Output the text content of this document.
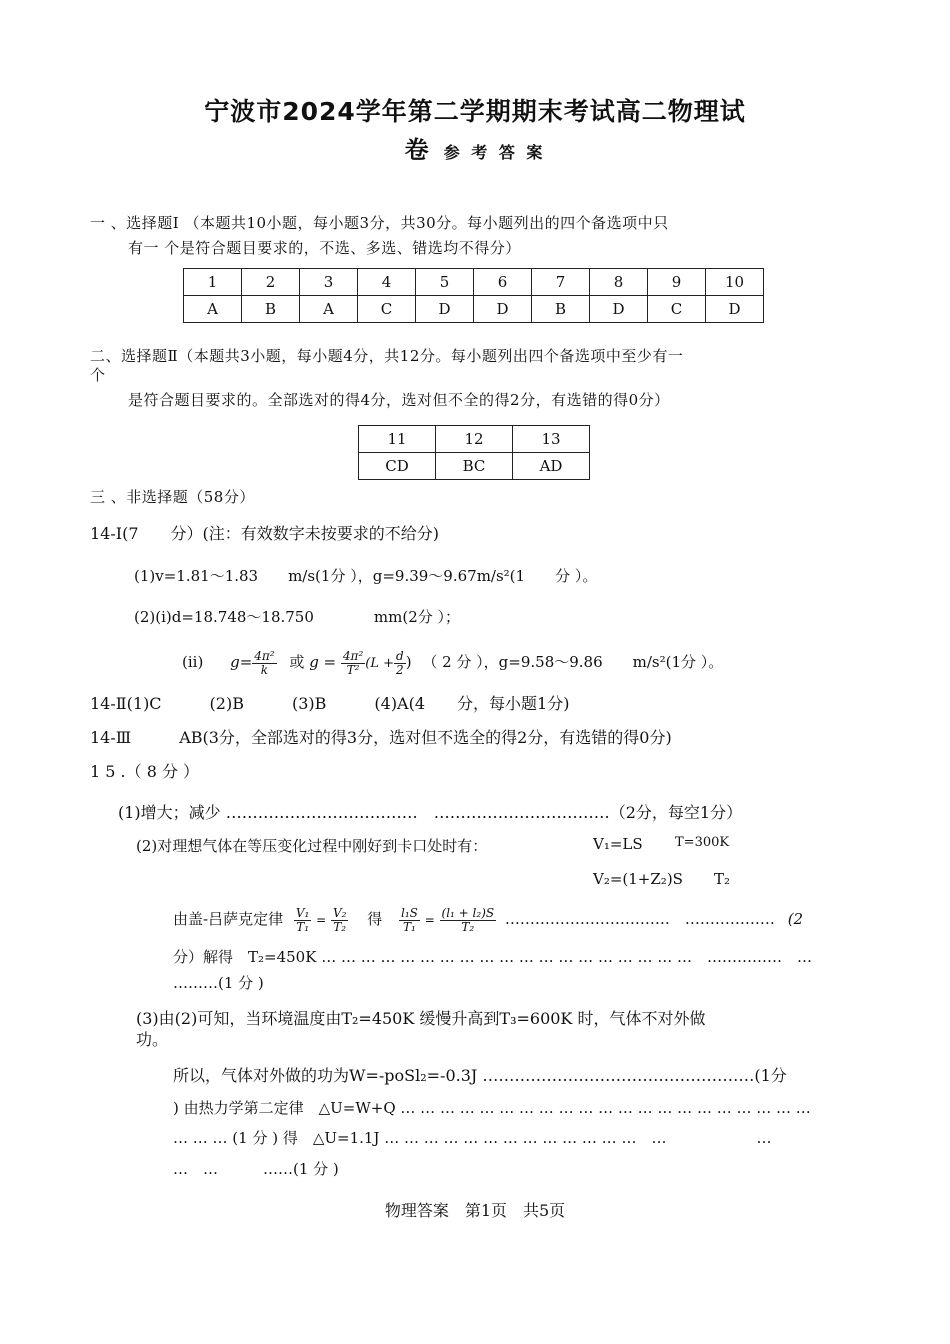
宁波市2024学年第二学期期末考试高二物理试
卷 参 考 答 案
一 、选择题Ⅰ （本题共10小题，每小题3分，共30分。每小题列出的四个备选项中只
有一 个是符合题目要求的，不选、多选、错选均不得分）
1	2	3	4	5	6	7	8	9	10
A	B	A	C	D	D	B	D	C	D
二、选择题Ⅱ（本题共3小题，每小题4分，共12分。每小题列出四个备选项中至少有一
个
是符合题目要求的。全部选对的得4分，选对但不全的得2分，有选错的得0分）
11	12	13
CD	BC	AD
三 、非选择题（58分）
14-I(7　　分）(注：有效数字未按要求的不给分)
(1)v=1.81～1.83　　m/s(1分 ），g=9.39～9.67m/s²(1　　分 ）。
(2)(i)d=18.748～18.750　　　　mm(2分 ）；
(ii) $g= \frac{\text{4π²}}{k}$ 或 $g = \frac{\text{4π²}}{\text{T²}} (L + \frac{d}{2}$ ) （ 2 分 ），g=9.58～9.86　　m/s²(1分 ）。
14-Ⅱ(1)C　　　(2)B　　　(3)B　　　(4)A(4　　分，每小题1分)
14-Ⅲ　　　AB(3分，全部选对的得3分，选对但不选全的得2分，有选错的得0分)
1 5 .（ 8 分 ）
(1)增大；减少 ………………………………　……………………………（2分，每空1分）
(2)对理想气体在等压变化过程中刚好到卡口处时有：	V₁=LS T=300K
V₂=(1+Z₂)S T₂
由盖-吕萨克定律 $\frac{\text{V₁}}{\text{T₁}} = \frac{\text{V₂}}{\text{T₂}}$ 得 $\frac{\text{l₁S}}{\text{T₁}} = \frac{\text{(l₁ + l₂)S}}{\text{T₂}}$ ……………………………　……………… (2
分）解得　T₂=450K … … … … … … … … … … … … … … … … … … …　……………　…
………(1 分 )
(3)由(2)可知，当环境温度由T₂=450K 缓慢升高到T₃=600K 时，气体不对外做
功。
所以，气体对外做的功为W=-poSl₂=-0.3J ……………………………………………(1分
) 由热力学第二定律　△U=W+Q … … … … … … … … … … … … … … … … … … … … …
… … … (1 分 ) 得　△U=1.1J … … … … … … … … … … … … …　…　　　　　　…
…　…　　　……(1 分 )
物理答案　第1页　共5页
